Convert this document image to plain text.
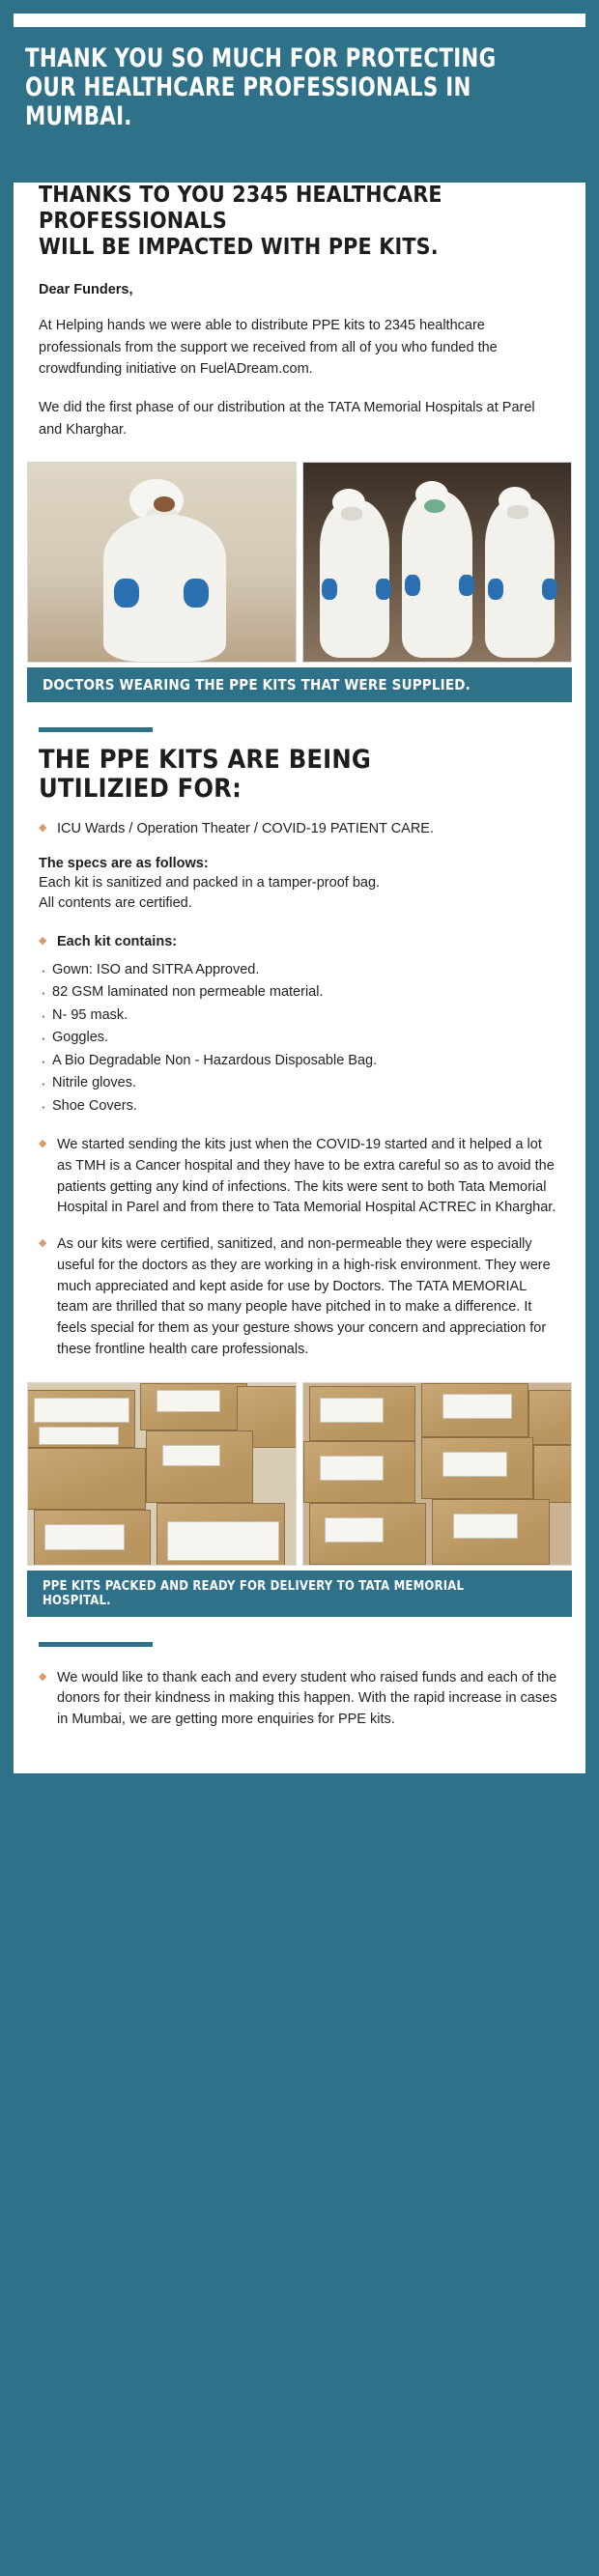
THANK YOU SO MUCH FOR PROTECTING
OUR HEALTHCARE PROFESSIONALS IN MUMBAI.
THANKS TO YOU 2345 HEALTHCARE PROFESSIONALS
WILL BE IMPACTED WITH PPE KITS.

Dear Funders,

At Helping hands we were able to distribute PPE kits to 2345 healthcare professionals from the support we received from all of you who funded the crowdfunding initiative on FuelADream.com.

We did the first phase of our distribution at the TATA Memorial Hospitals at Parel and Kharghar.

DOCTORS WEARING THE PPE KITS THAT WERE SUPPLIED.
THE PPE KITS ARE BEING UTILIZIED FOR:
◆ ICU Wards / Operation Theater / COVID-19 PATIENT CARE.
The specs are as follows:
Each kit is sanitized and packed in a tamper-proof bag.
All contents are certified.
◆ Each kit contains:
· Gown: ISO and SITRA Approved.
· 82 GSM laminated non permeable material.
· N- 95 mask.
· Goggles.
· A Bio Degradable Non - Hazardous Disposable Bag.
· Nitrile gloves.
· Shoe Covers.
◆ We started sending the kits just when the COVID-19 started and it helped a lot as TMH is a Cancer hospital and they have to be extra careful so as to avoid the patients getting any kind of infections. The kits were sent to both Tata Memorial Hospital in Parel and from there to Tata Memorial Hospital ACTREC in Kharghar.
◆ As our kits were certified, sanitized, and non-permeable they were especially useful for the doctors as they are working in a high-risk environment. They were much appreciated and kept aside for use by Doctors. The TATA MEMORIAL team are thrilled that so many people have pitched in to make a difference. It feels special for them as your gesture shows your concern and appreciation for these frontline health care professionals.
PPE KITS PACKED AND READY FOR DELIVERY TO TATA MEMORIAL HOSPITAL.
◆ We would like to thank each and every student who raised funds and each of the donors for their kindness in making this happen. With the rapid increase in cases in Mumbai, we are getting more enquiries for PPE kits.
